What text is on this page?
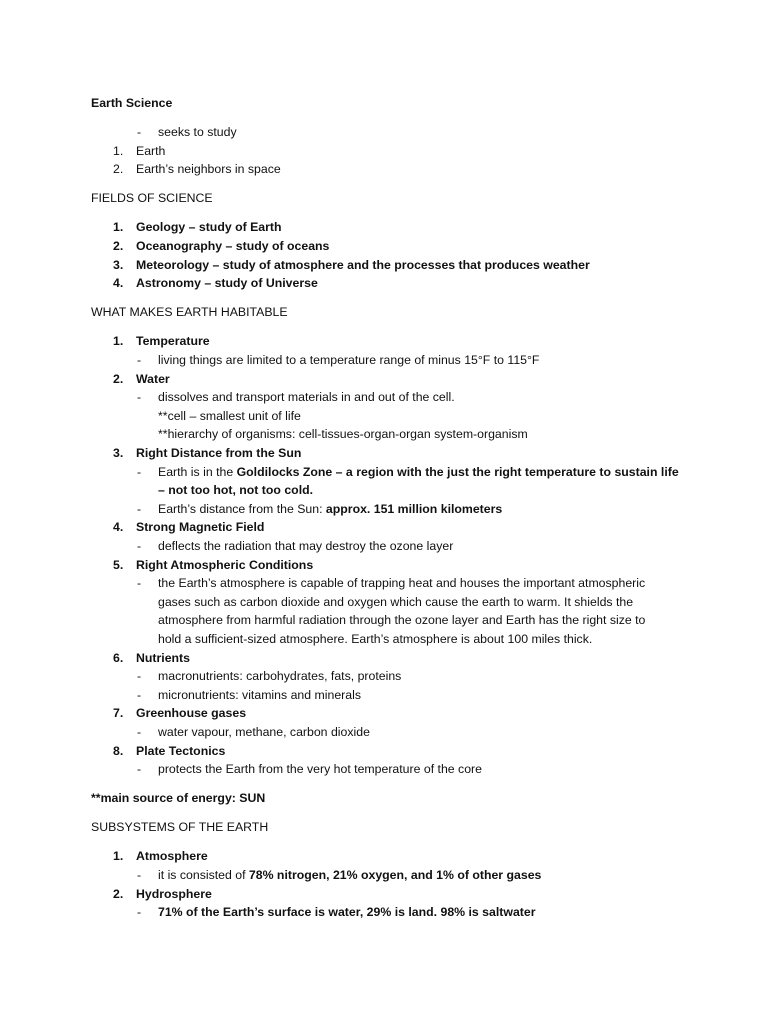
Earth Science
- seeks to study
1. Earth
2. Earth’s neighbors in space
FIELDS OF SCIENCE
1. Geology – study of Earth
2. Oceanography – study of oceans
3. Meteorology – study of atmosphere and the processes that produces weather
4. Astronomy – study of Universe
WHAT MAKES EARTH HABITABLE
1. Temperature
- living things are limited to a temperature range of minus 15°F to 115°F
2. Water
- dissolves and transport materials in and out of the cell.
**cell – smallest unit of life
**hierarchy of organisms: cell-tissues-organ-organ system-organism
3. Right Distance from the Sun
- Earth is in the Goldilocks Zone – a region with the just the right temperature to sustain life
– not too hot, not too cold.
- Earth’s distance from the Sun: approx. 151 million kilometers
4. Strong Magnetic Field
- deflects the radiation that may destroy the ozone layer
5. Right Atmospheric Conditions
- the Earth’s atmosphere is capable of trapping heat and houses the important atmospheric
gases such as carbon dioxide and oxygen which cause the earth to warm. It shields the
atmosphere from harmful radiation through the ozone layer and Earth has the right size to
hold a sufficient-sized atmosphere. Earth’s atmosphere is about 100 miles thick.
6. Nutrients
- macronutrients: carbohydrates, fats, proteins
- micronutrients: vitamins and minerals
7. Greenhouse gases
- water vapour, methane, carbon dioxide
8. Plate Tectonics
- protects the Earth from the very hot temperature of the core
**main source of energy: SUN
SUBSYSTEMS OF THE EARTH
1. Atmosphere
- it is consisted of 78% nitrogen, 21% oxygen, and 1% of other gases
2. Hydrosphere
- 71% of the Earth’s surface is water, 29% is land. 98% is saltwater
